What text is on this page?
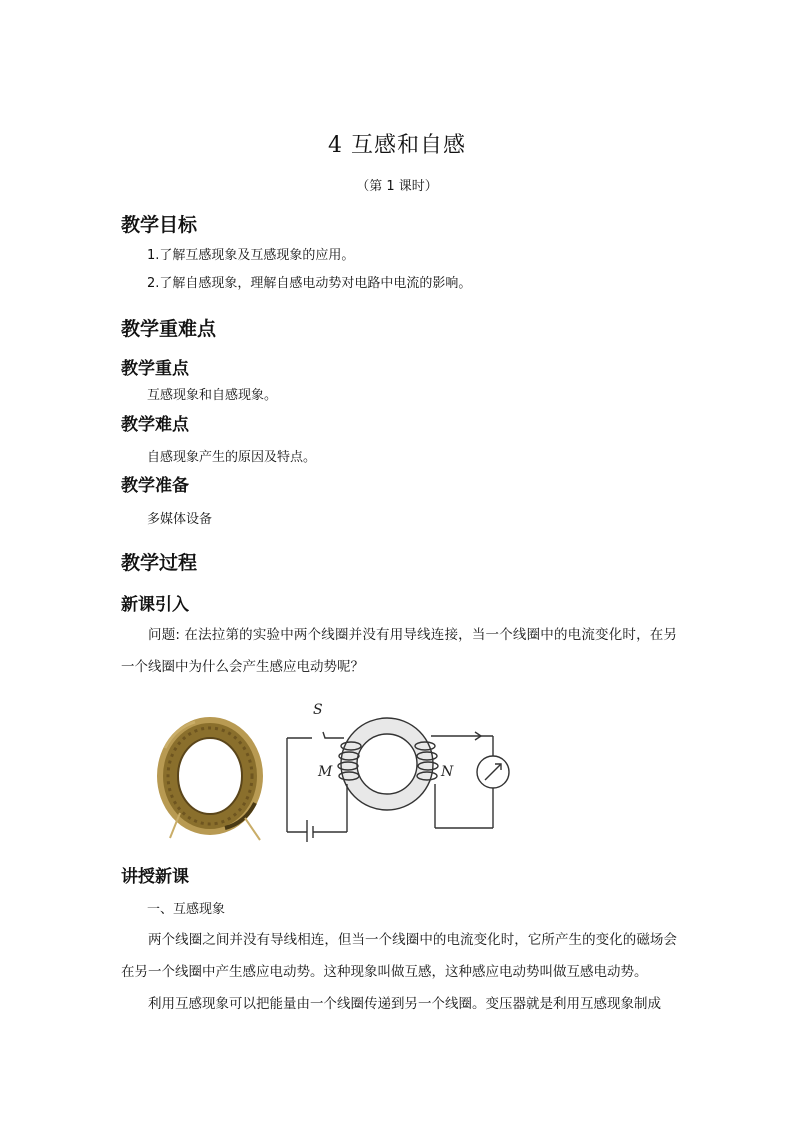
4 互感和自感
（第 1 课时）
教学目标
1.了解互感现象及互感现象的应用。
2.了解自感现象，理解自感电动势对电路中电流的影响。
教学重难点
教学重点
互感现象和自感现象。
教学难点
自感现象产生的原因及特点。
教学准备
多媒体设备
教学过程
新课引入
问题: 在法拉第的实验中两个线圈并没有用导线连接，当一个线圈中的电流变化时，在另一个线圈中为什么会产生感应电动势呢？
S
M	N
讲授新课
一、互感现象
两个线圈之间并没有导线相连，但当一个线圈中的电流变化时，它所产生的变化的磁场会在另一个线圈中产生感应电动势。这种现象叫做互感，这种感应电动势叫做互感电动势。
利用互感现象可以把能量由一个线圈传递到另一个线圈。变压器就是利用互感现象制成
